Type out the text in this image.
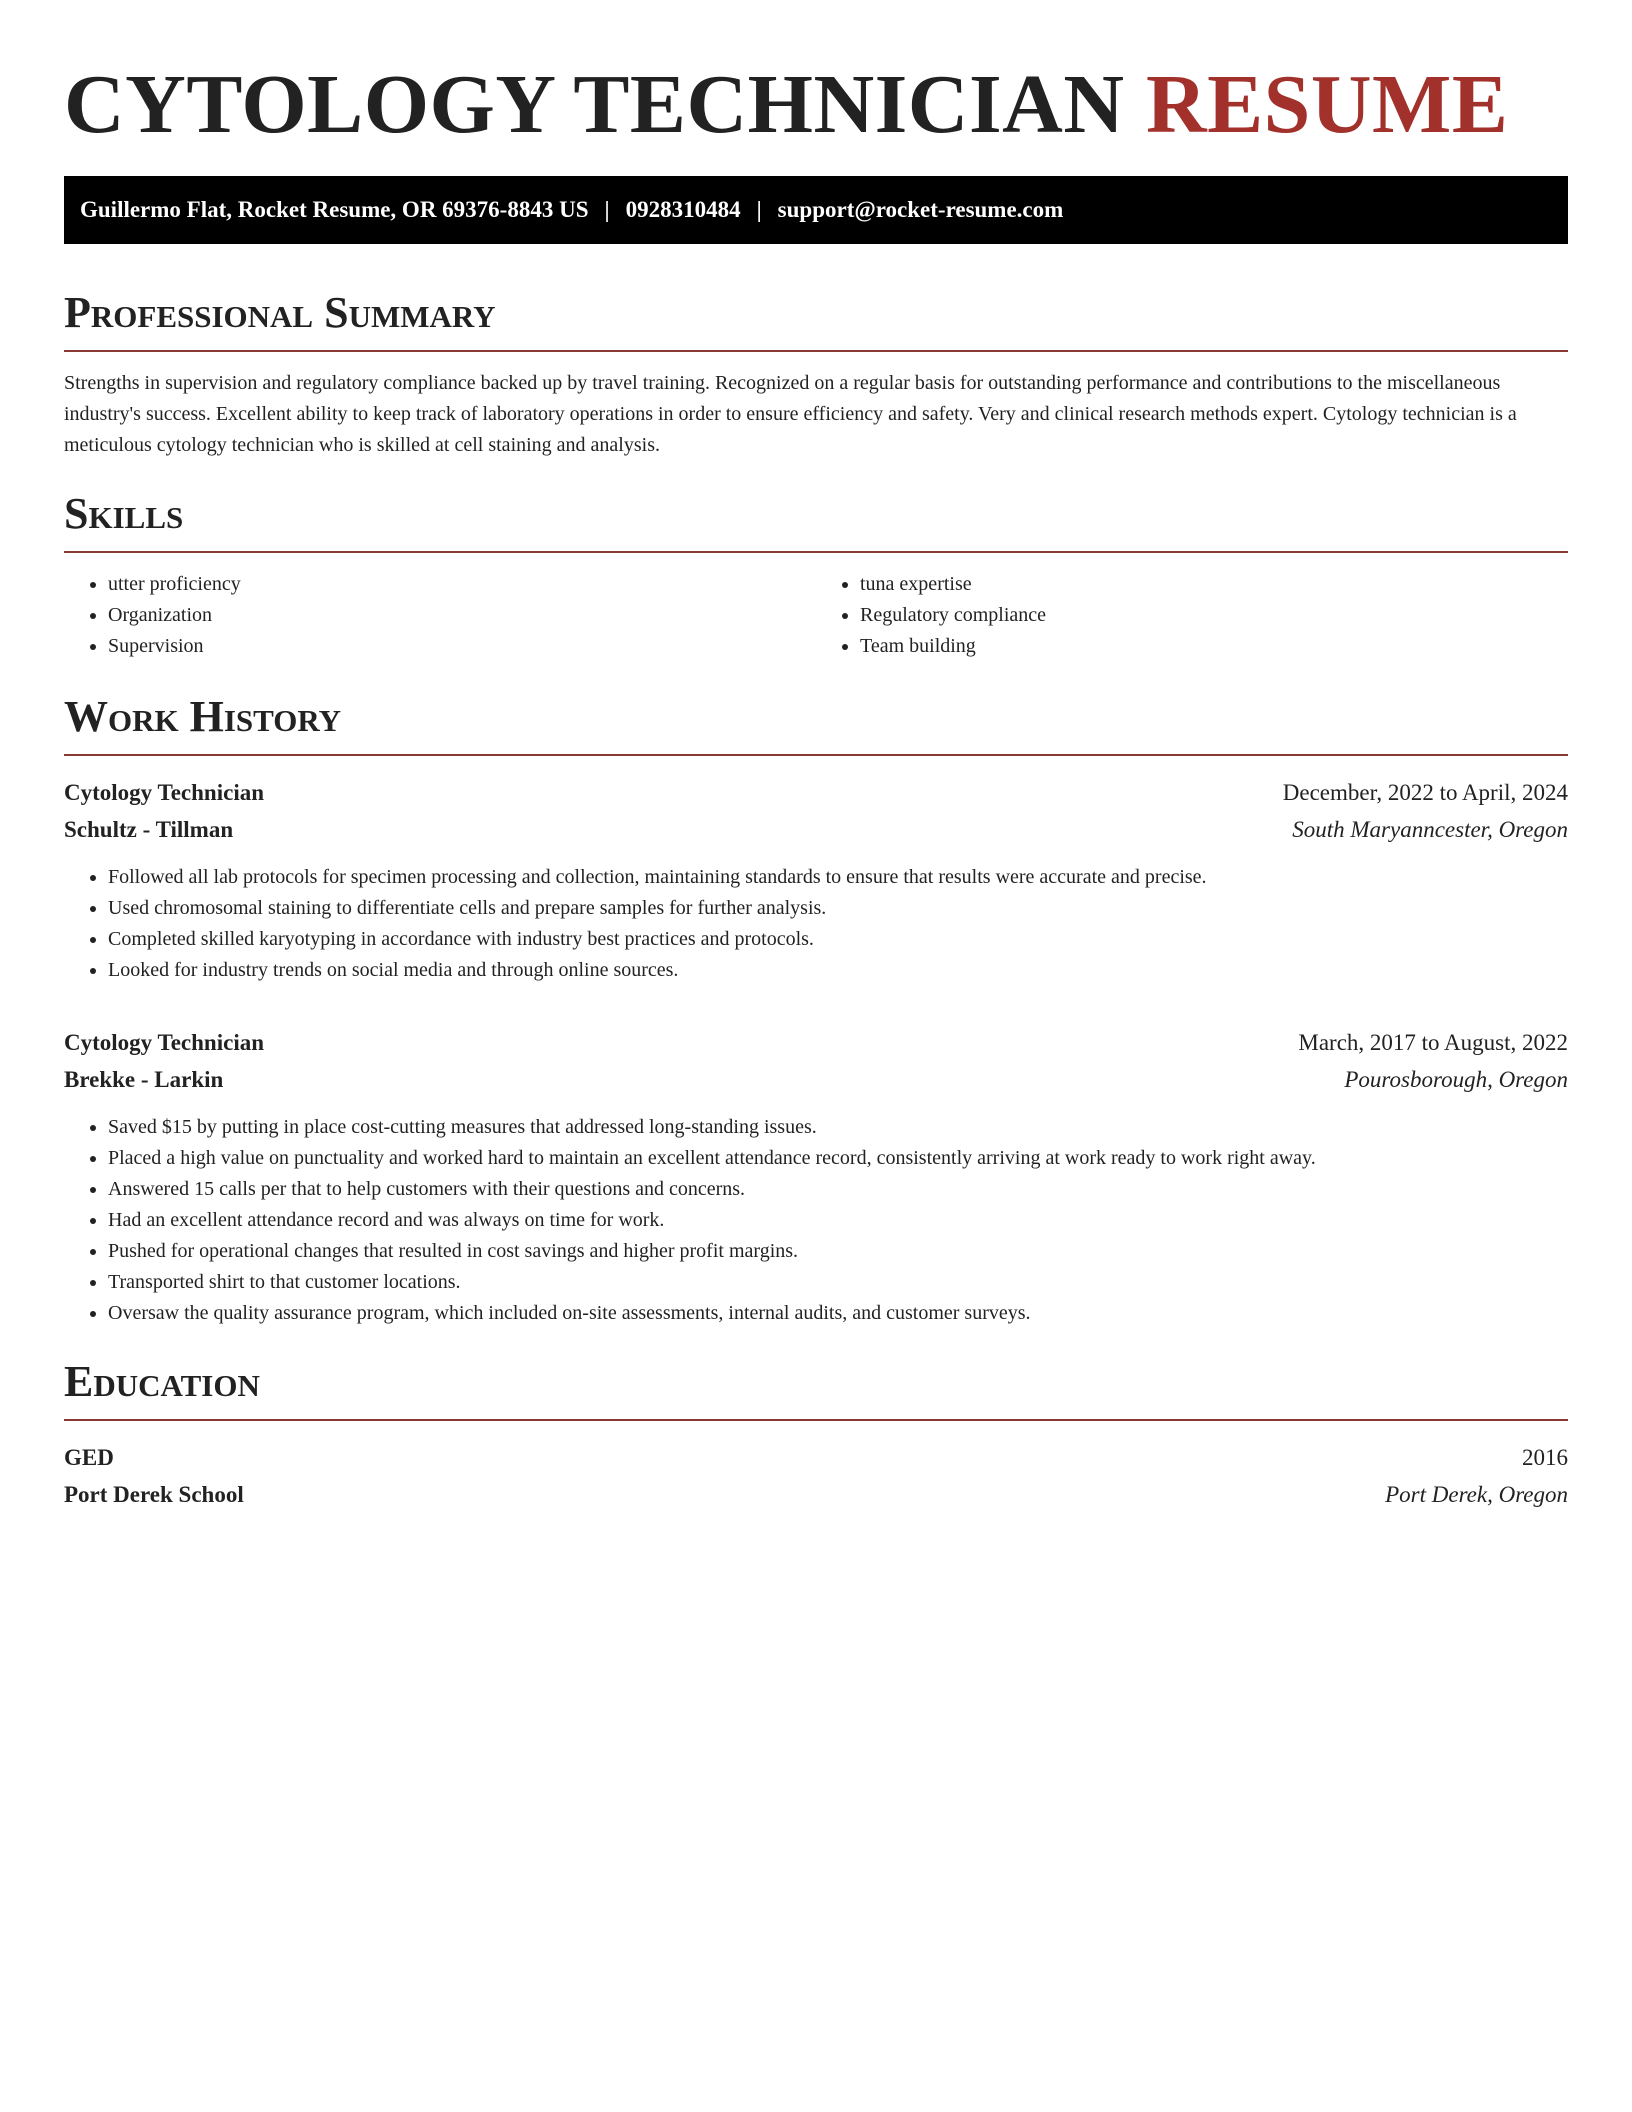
CYTOLOGY TECHNICIAN RESUME
Guillermo Flat, Rocket Resume, OR 69376-8843 US | 0928310484 | support@rocket-resume.com
Professional Summary

Strengths in supervision and regulatory compliance backed up by travel training. Recognized on a regular basis for outstanding performance and contributions to the miscellaneous industry's success. Excellent ability to keep track of laboratory operations in order to ensure efficiency and safety. Very and clinical research methods expert. Cytology technician is a meticulous cytology technician who is skilled at cell staining and analysis.

Skills
• utter proficiency
• Organization
• Supervision
• tuna expertise
• Regulatory compliance
• Team building
Work History
Cytology Technician	December, 2022 to April, 2024
Schultz - Tillman	South Maryanncester, Oregon
• Followed all lab protocols for specimen processing and collection, maintaining standards to ensure that results were accurate and precise.
• Used chromosomal staining to differentiate cells and prepare samples for further analysis.
• Completed skilled karyotyping in accordance with industry best practices and protocols.
• Looked for industry trends on social media and through online sources.
Cytology Technician	March, 2017 to August, 2022
Brekke - Larkin	Pourosborough, Oregon
• Saved $15 by putting in place cost-cutting measures that addressed long-standing issues.
• Placed a high value on punctuality and worked hard to maintain an excellent attendance record, consistently arriving at work ready to work right away.
• Answered 15 calls per that to help customers with their questions and concerns.
• Had an excellent attendance record and was always on time for work.
• Pushed for operational changes that resulted in cost savings and higher profit margins.
• Transported shirt to that customer locations.
• Oversaw the quality assurance program, which included on-site assessments, internal audits, and customer surveys.
Education
GED	2016
Port Derek School	Port Derek, Oregon
